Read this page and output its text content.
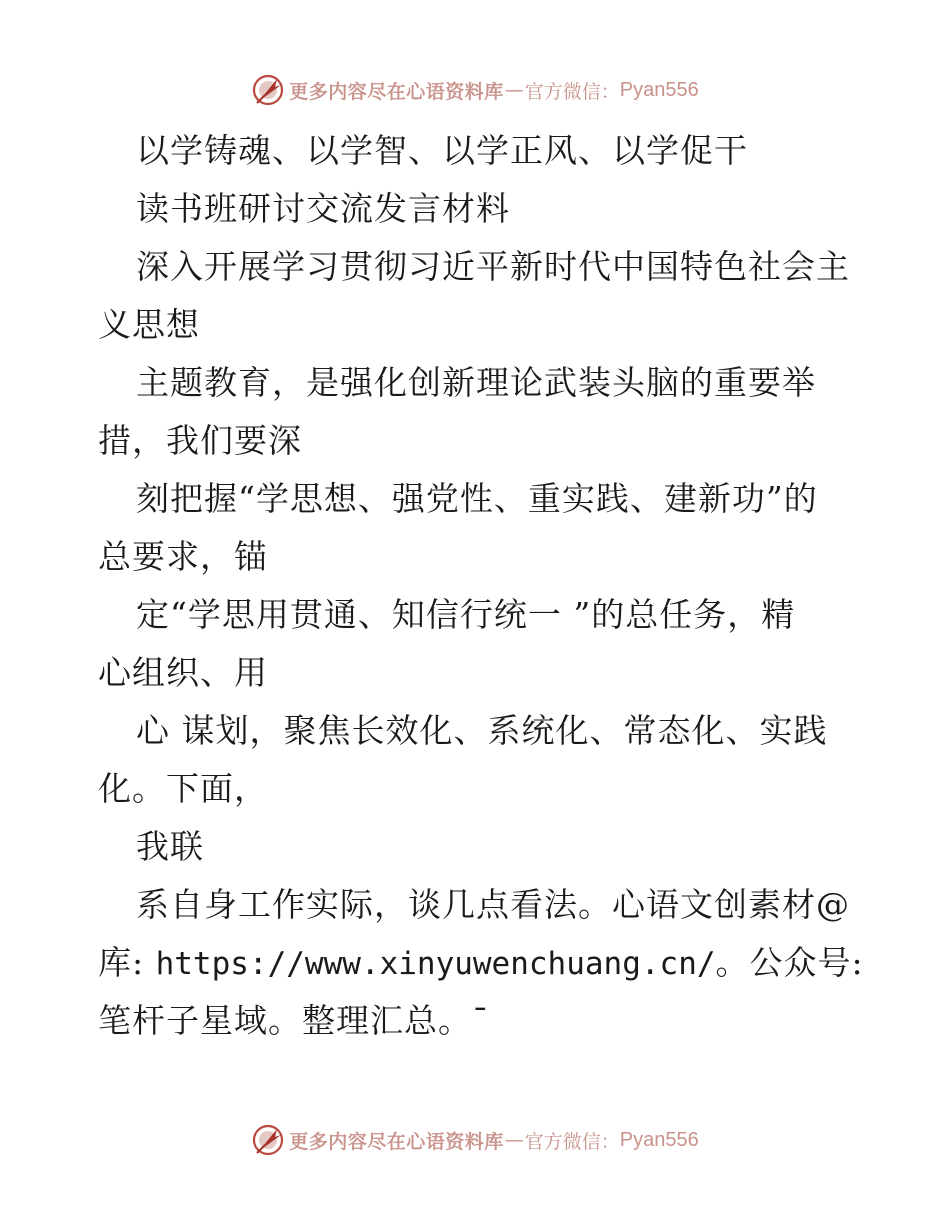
更多内容尽在心语资料库 — 官方微信： Pyan556
以学铸魂、以学智、以学正风、以学促干
读书班研讨交流发言材料
深入开展学习贯彻习近平新时代中国特色社会主
义思想
主题教育，是强化创新理论武装头脑的重要举
措，我们要深
刻把握“学思想、强党性、重实践、建新功”的
总要求，锚
定“学思用贯通、知信行统一 ”的总任务，精
心组织、用
心 谋划，聚焦长效化、系统化、常态化、实践
化。下面，
我联
系自身工作实际，谈几点看法。心语文创素材@
库: https://www.xinyuwenchuang.cn/。公众号:
笔杆子星域。整理汇总。¯
更多内容尽在心语资料库 — 官方微信： Pyan556
